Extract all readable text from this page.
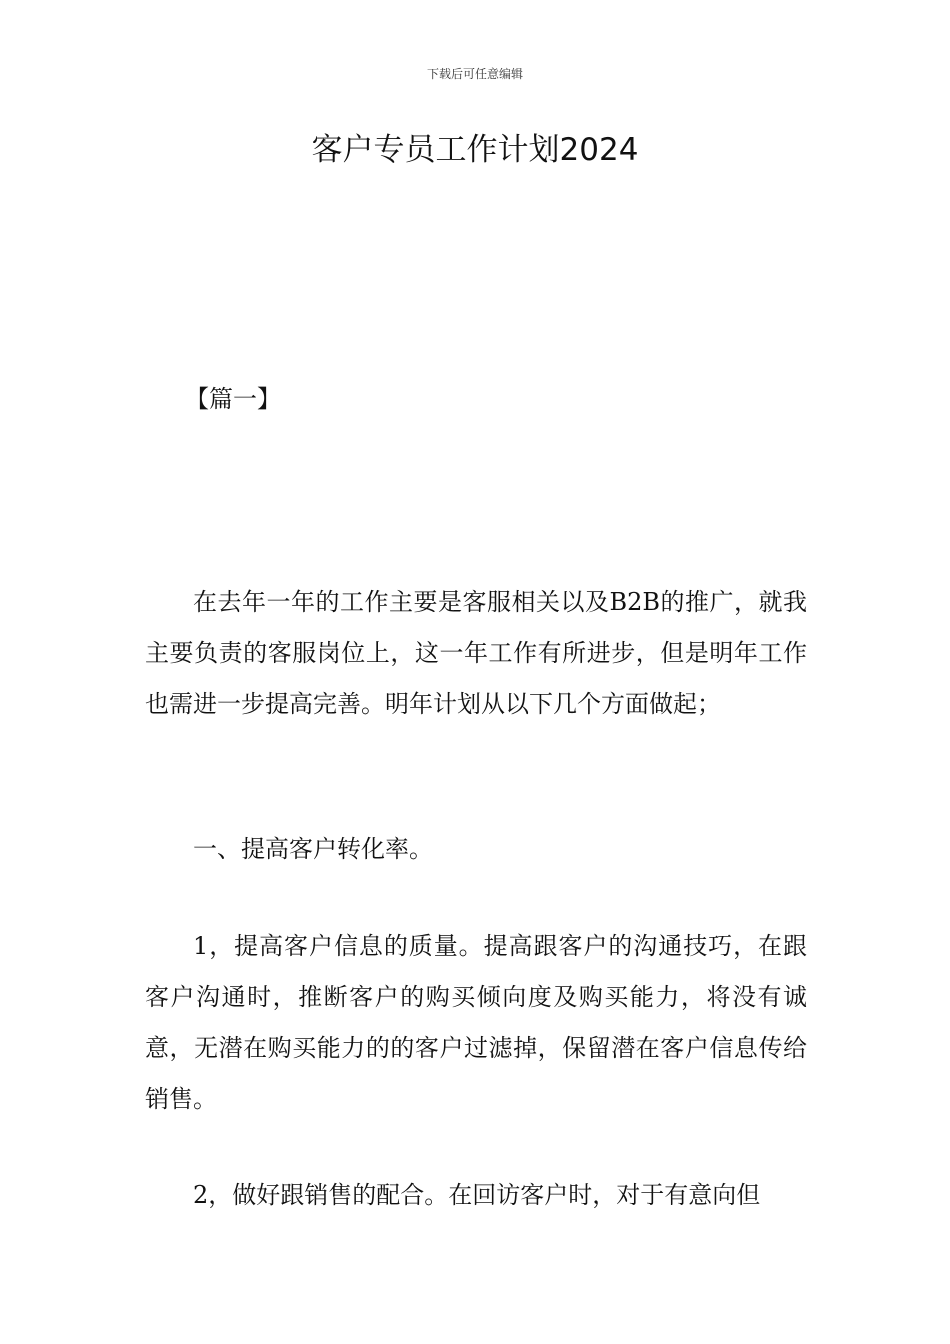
下载后可任意编辑
客户专员工作计划2024
【篇一】

在去年一年的工作主要是客服相关以及B2B的推广，就我主要负责的客服岗位上，这一年工作有所进步，但是明年工作也需进一步提高完善。明年计划从以下几个方面做起；

一、提高客户转化率。

1，提高客户信息的质量。提高跟客户的沟通技巧，在跟客户沟通时，推断客户的购买倾向度及购买能力，将没有诚意，无潜在购买能力的的客户过滤掉，保留潜在客户信息传给销售。

2，做好跟销售的配合。在回访客户时，对于有意向但
